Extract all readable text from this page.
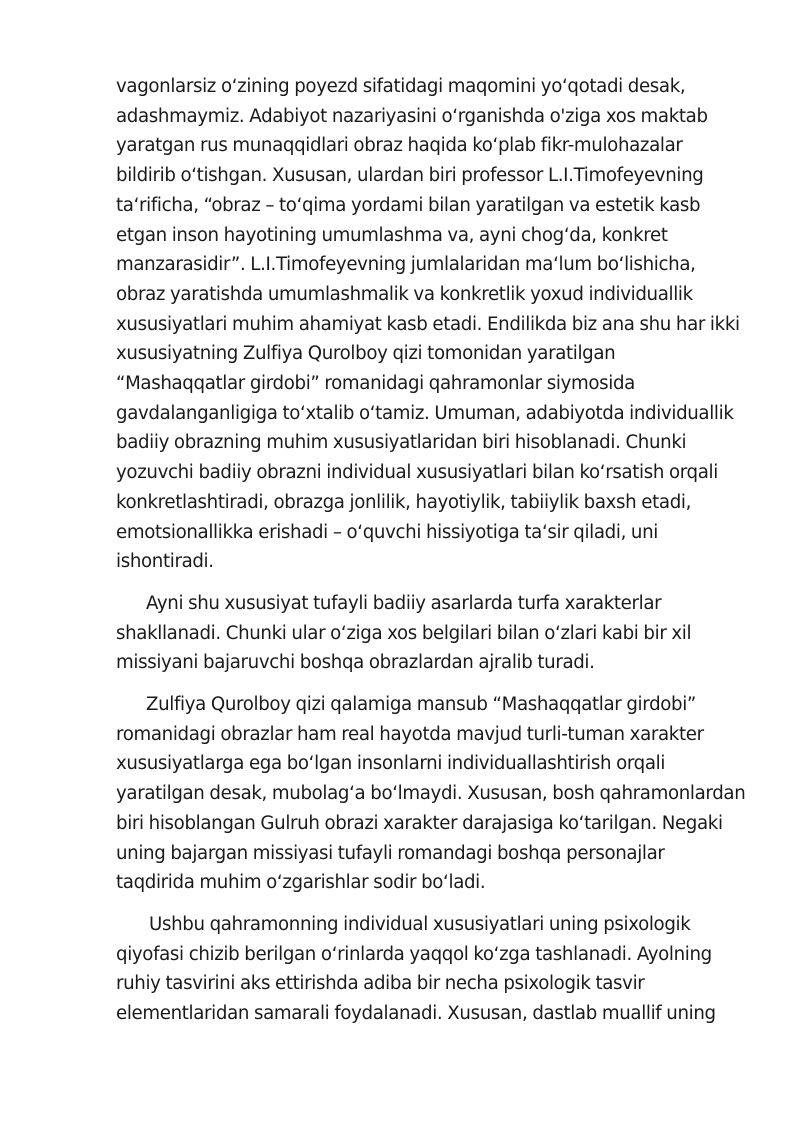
vagonlarsiz oʻzining poyezd sifatidagi maqomini yoʻqotadi desak, adashmaymiz. Adabiyot nazariyasini oʻrganishda o'ziga xos maktab yaratgan rus munaqqidlari obraz haqida koʻplab fikr-mulohazalar bildirib oʻtishgan. Xususan, ulardan biri professor L.I.Timofeyevning taʻrificha, “obraz – toʻqima yordami bilan yaratilgan va estetik kasb etgan inson hayotining umumlashma va, ayni chogʻda, konkret manzarasidir”. L.I.Timofeyevning jumlalaridan maʻlum boʻlishicha, obraz yaratishda umumlashmalik va konkretlik yoxud individuallik xususiyatlari muhim ahamiyat kasb etadi. Endilikda biz ana shu har ikki xususiyatning Zulfiya Qurolboy qizi tomonidan yaratilgan “Mashaqqatlar girdobi” romanidagi qahramonlar siymosida gavdalanganligiga toʻxtalib oʻtamiz. Umuman, adabiyotda individuallik badiiy obrazning muhim xususiyatlaridan biri hisoblanadi. Chunki yozuvchi badiiy obrazni individual xususiyatlari bilan koʻrsatish orqali konkretlashtiradi, obrazga jonlilik, hayotiylik, tabiiylik baxsh etadi, emotsionallikka erishadi – oʻquvchi hissiyotiga taʻsir qiladi, uni ishontiradi.

Ayni shu xususiyat tufayli badiiy asarlarda turfa xarakterlar shakllanadi. Chunki ular oʻziga xos belgilari bilan oʻzlari kabi bir xil missiyani bajaruvchi boshqa obrazlardan ajralib turadi.

Zulfiya Qurolboy qizi qalamiga mansub “Mashaqqatlar girdobi” romanidagi obrazlar ham real hayotda mavjud turli-tuman xarakter xususiyatlarga ega boʻlgan insonlarni individuallashtirish orqali yaratilgan desak, mubolagʻa boʻlmaydi. Xususan, bosh qahramonlardan biri hisoblangan Gulruh obrazi xarakter darajasiga koʻtarilgan. Negaki uning bajargan missiyasi tufayli romandagi boshqa personajlar taqdirida muhim oʻzgarishlar sodir boʻladi.

Ushbu qahramonning individual xususiyatlari uning psixologik qiyofasi chizib berilgan oʻrinlarda yaqqol koʻzga tashlanadi. Ayolning ruhiy tasvirini aks ettirishda adiba bir necha psixologik tasvir elementlaridan samarali foydalanadi. Xususan, dastlab muallif uning
